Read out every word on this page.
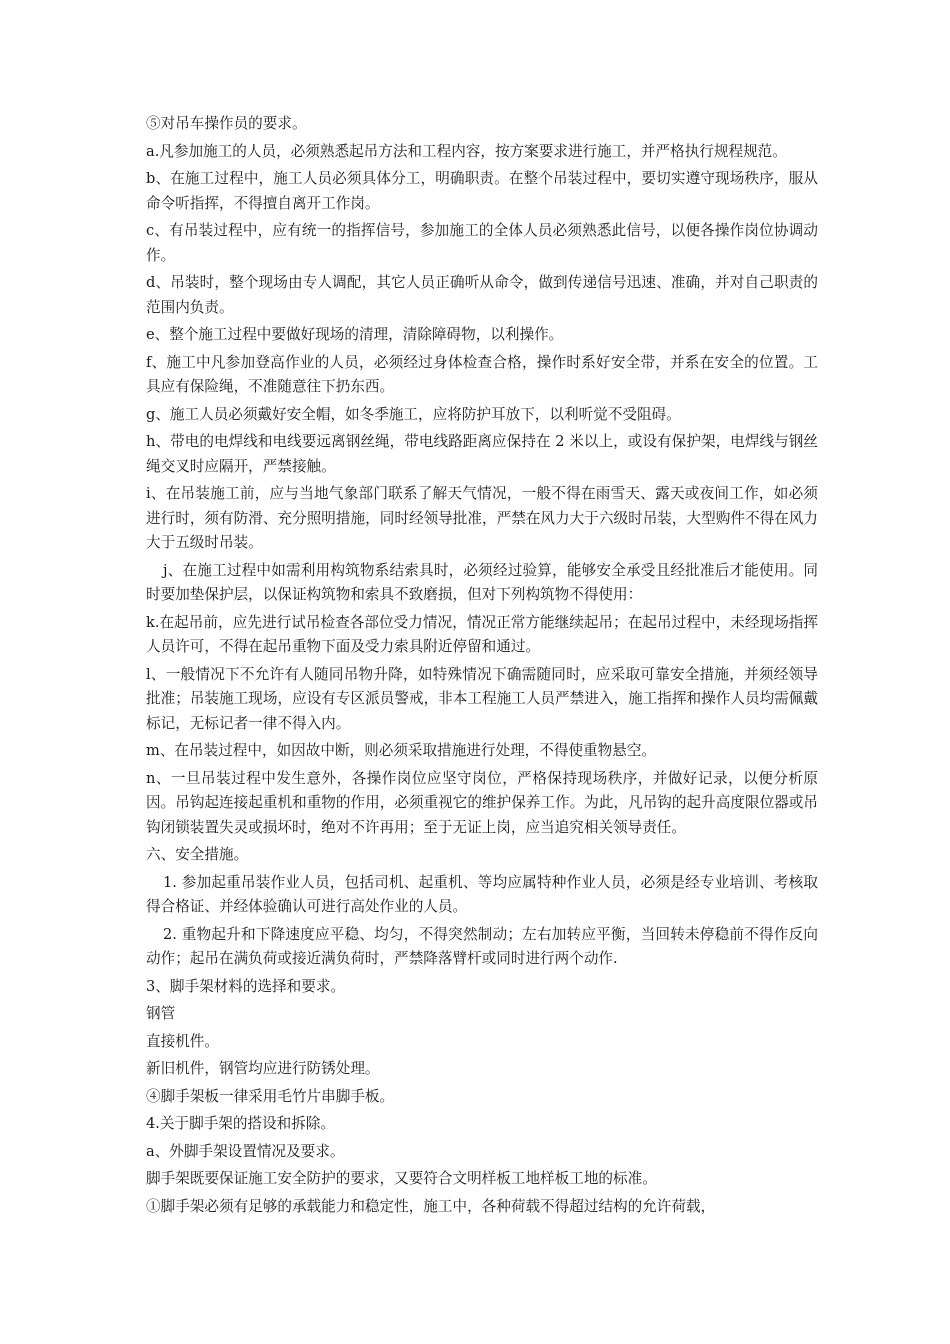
⑤对吊车操作员的要求。

a.凡参加施工的人员，必须熟悉起吊方法和工程内容，按方案要求进行施工，并严格执行规程规范。

b、在施工过程中，施工人员必须具体分工，明确职责。在整个吊装过程中，要切实遵守现场秩序，服从命令听指挥，不得擅自离开工作岗。

c、有吊装过程中，应有统一的指挥信号，参加施工的全体人员必须熟悉此信号，以便各操作岗位协调动作。

d、吊装时，整个现场由专人调配，其它人员正确听从命令，做到传递信号迅速、准确，并对自己职责的范围内负责。

e、整个施工过程中要做好现场的清理，清除障碍物，以利操作。

f、施工中凡参加登高作业的人员，必须经过身体检查合格，操作时系好安全带，并系在安全的位置。工具应有保险绳，不准随意往下扔东西。

g、施工人员必须戴好安全帽，如冬季施工，应将防护耳放下，以利听觉不受阻碍。

h、带电的电焊线和电线要远离钢丝绳，带电线路距离应保持在 2 米以上，或设有保护架，电焊线与钢丝绳交叉时应隔开，严禁接触。

i、在吊装施工前，应与当地气象部门联系了解天气情况，一般不得在雨雪天、露天或夜间工作，如必须进行时，须有防滑、充分照明措施，同时经领导批准，严禁在风力大于六级时吊装，大型购件不得在风力大于五级时吊装。

j、在施工过程中如需利用构筑物系结索具时，必须经过验算，能够安全承受且经批准后才能使用。同时要加垫保护层，以保证构筑物和索具不致磨损，但对下列构筑物不得使用：

k.在起吊前，应先进行试吊检查各部位受力情况，情况正常方能继续起吊；在起吊过程中，未经现场指挥人员许可，不得在起吊重物下面及受力索具附近停留和通过。

l、一般情况下不允许有人随同吊物升降，如特殊情况下确需随同时，应采取可靠安全措施，并须经领导批准；吊装施工现场，应设有专区派员警戒，非本工程施工人员严禁进入，施工指挥和操作人员均需佩戴标记，无标记者一律不得入内。

m、在吊装过程中，如因故中断，则必须采取措施进行处理，不得使重物悬空。

n、一旦吊装过程中发生意外，各操作岗位应坚守岗位，严格保持现场秩序，并做好记录，以便分析原因。吊钩起连接起重机和重物的作用，必须重视它的维护保养工作。为此，凡吊钩的起升高度限位器或吊钩闭锁装置失灵或损坏时，绝对不许再用；至于无证上岗，应当追究相关领导责任。

六、安全措施。

1. 参加起重吊装作业人员，包括司机、起重机、等均应属特种作业人员，必须是经专业培训、考核取得合格证、并经体验确认可进行高处作业的人员。

2. 重物起升和下降速度应平稳、均匀，不得突然制动；左右加转应平衡，当回转未停稳前不得作反向动作；起吊在满负荷或接近满负荷时，严禁降落臂杆或同时进行两个动作.

3、脚手架材料的选择和要求。

钢管

直接机件。

新旧机件，钢管均应进行防锈处理。

④脚手架板一律采用毛竹片串脚手板。

4.关于脚手架的搭设和拆除。

a、外脚手架设置情况及要求。

脚手架既要保证施工安全防护的要求，又要符合文明样板工地样板工地的标准。

①脚手架必须有足够的承载能力和稳定性，施工中，各种荷载不得超过结构的允许荷载，
